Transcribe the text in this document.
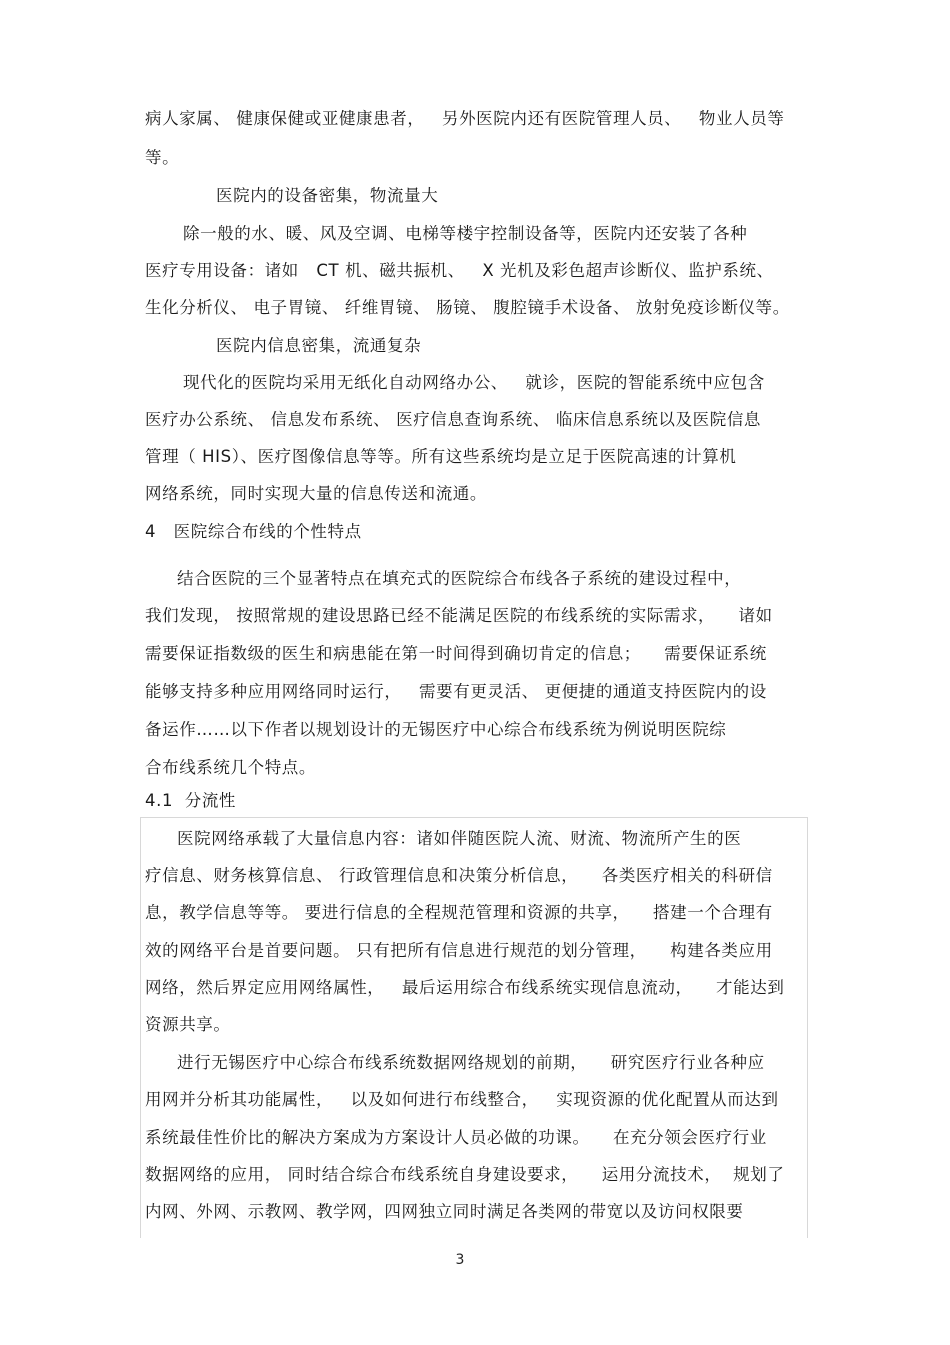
病人家属、 健康保健或亚健康患者，   另外医院内还有医院管理人员、   物业人员等
等。
医院内的设备密集，物流量大
除一般的水、暖、风及空调、电梯等楼宇控制设备等，医院内还安装了各种
医疗专用设备：诸如   CT 机、磁共振机、   X 光机及彩色超声诊断仪、监护系统、
生化分析仪、 电子胃镜、 纤维胃镜、 肠镜、 腹腔镜手术设备、 放射免疫诊断仪等。
医院内信息密集，流通复杂
现代化的医院均采用无纸化自动网络办公、   就诊，医院的智能系统中应包含
医疗办公系统、 信息发布系统、 医疗信息查询系统、 临床信息系统以及医院信息
管理（ HIS）、医疗图像信息等等。所有这些系统均是立足于医院高速的计算机
网络系统，同时实现大量的信息传送和流通。
4   医院综合布线的个性特点
结合医院的三个显著特点在填充式的医院综合布线各子系统的建设过程中，
我们发现， 按照常规的建设思路已经不能满足医院的布线系统的实际需求，    诸如
需要保证指数级的医生和病患能在第一时间得到确切肯定的信息；    需要保证系统
能够支持多种应用网络同时运行，   需要有更灵活、 更便捷的通道支持医院内的设
备运作……以下作者以规划设计的无锡医疗中心综合布线系统为例说明医院综
合布线系统几个特点。
4.1  分流性
医院网络承载了大量信息内容：诸如伴随医院人流、财流、物流所产生的医
疗信息、财务核算信息、 行政管理信息和决策分析信息，    各类医疗相关的科研信
息，教学信息等等。 要进行信息的全程规范管理和资源的共享，    搭建一个合理有
效的网络平台是首要问题。 只有把所有信息进行规范的划分管理，    构建各类应用
网络，然后界定应用网络属性，   最后运用综合布线系统实现信息流动，    才能达到
资源共享。
进行无锡医疗中心综合布线系统数据网络规划的前期，    研究医疗行业各种应
用网并分析其功能属性，   以及如何进行布线整合，   实现资源的优化配置从而达到
系统最佳性价比的解决方案成为方案设计人员必做的功课。    在充分领会医疗行业
数据网络的应用， 同时结合综合布线系统自身建设要求，    运用分流技术，  规划了
内网、外网、示教网、教学网，四网独立同时满足各类网的带宽以及访问权限要
3
